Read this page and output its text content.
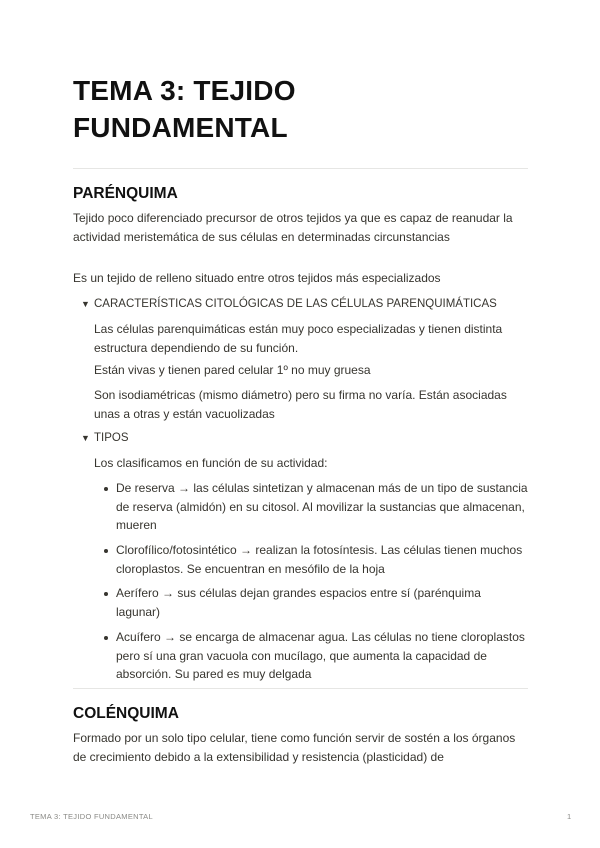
TEMA 3: TEJIDO
FUNDAMENTAL
PARÉNQUIMA

Tejido poco diferenciado precursor de otros tejidos ya que es capaz de reanudar la actividad meristemática de sus células en determinadas circunstancias

Es un tejido de relleno situado entre otros tejidos más especializados

▼ CARACTERÍSTICAS CITOLÓGICAS DE LAS CÉLULAS PARENQUIMÁTICAS

Las células parenquimáticas están muy poco especializadas y tienen distinta estructura dependiendo de su función.

Están vivas y tienen pared celular 1º no muy gruesa

Son isodiamétricas (mismo diámetro) pero su firma no varía. Están asociadas unas a otras y están vacuolizadas

▼ TIPOS

Los clasificamos en función de su actividad:

De reserva → las células sintetizan y almacenan más de un tipo de sustancia de reserva (almidón) en su citosol. Al movilizar la sustancias que almacenan, mueren

Clorofílico/fotosintético → realizan la fotosíntesis. Las células tienen muchos cloroplastos. Se encuentran en mesófilo de la hoja

Aerífero → sus células dejan grandes espacios entre sí (parénquima lagunar)

Acuífero → se encarga de almacenar agua. Las células no tiene cloroplastos pero sí una gran vacuola con mucílago, que aumenta la capacidad de absorción. Su pared es muy delgada

COLÉNQUIMA

Formado por un solo tipo celular, tiene como función servir de sostén a los órganos de crecimiento debido a la extensibilidad y resistencia (plasticidad) de

TEMA 3: TEJIDO FUNDAMENTAL	1
